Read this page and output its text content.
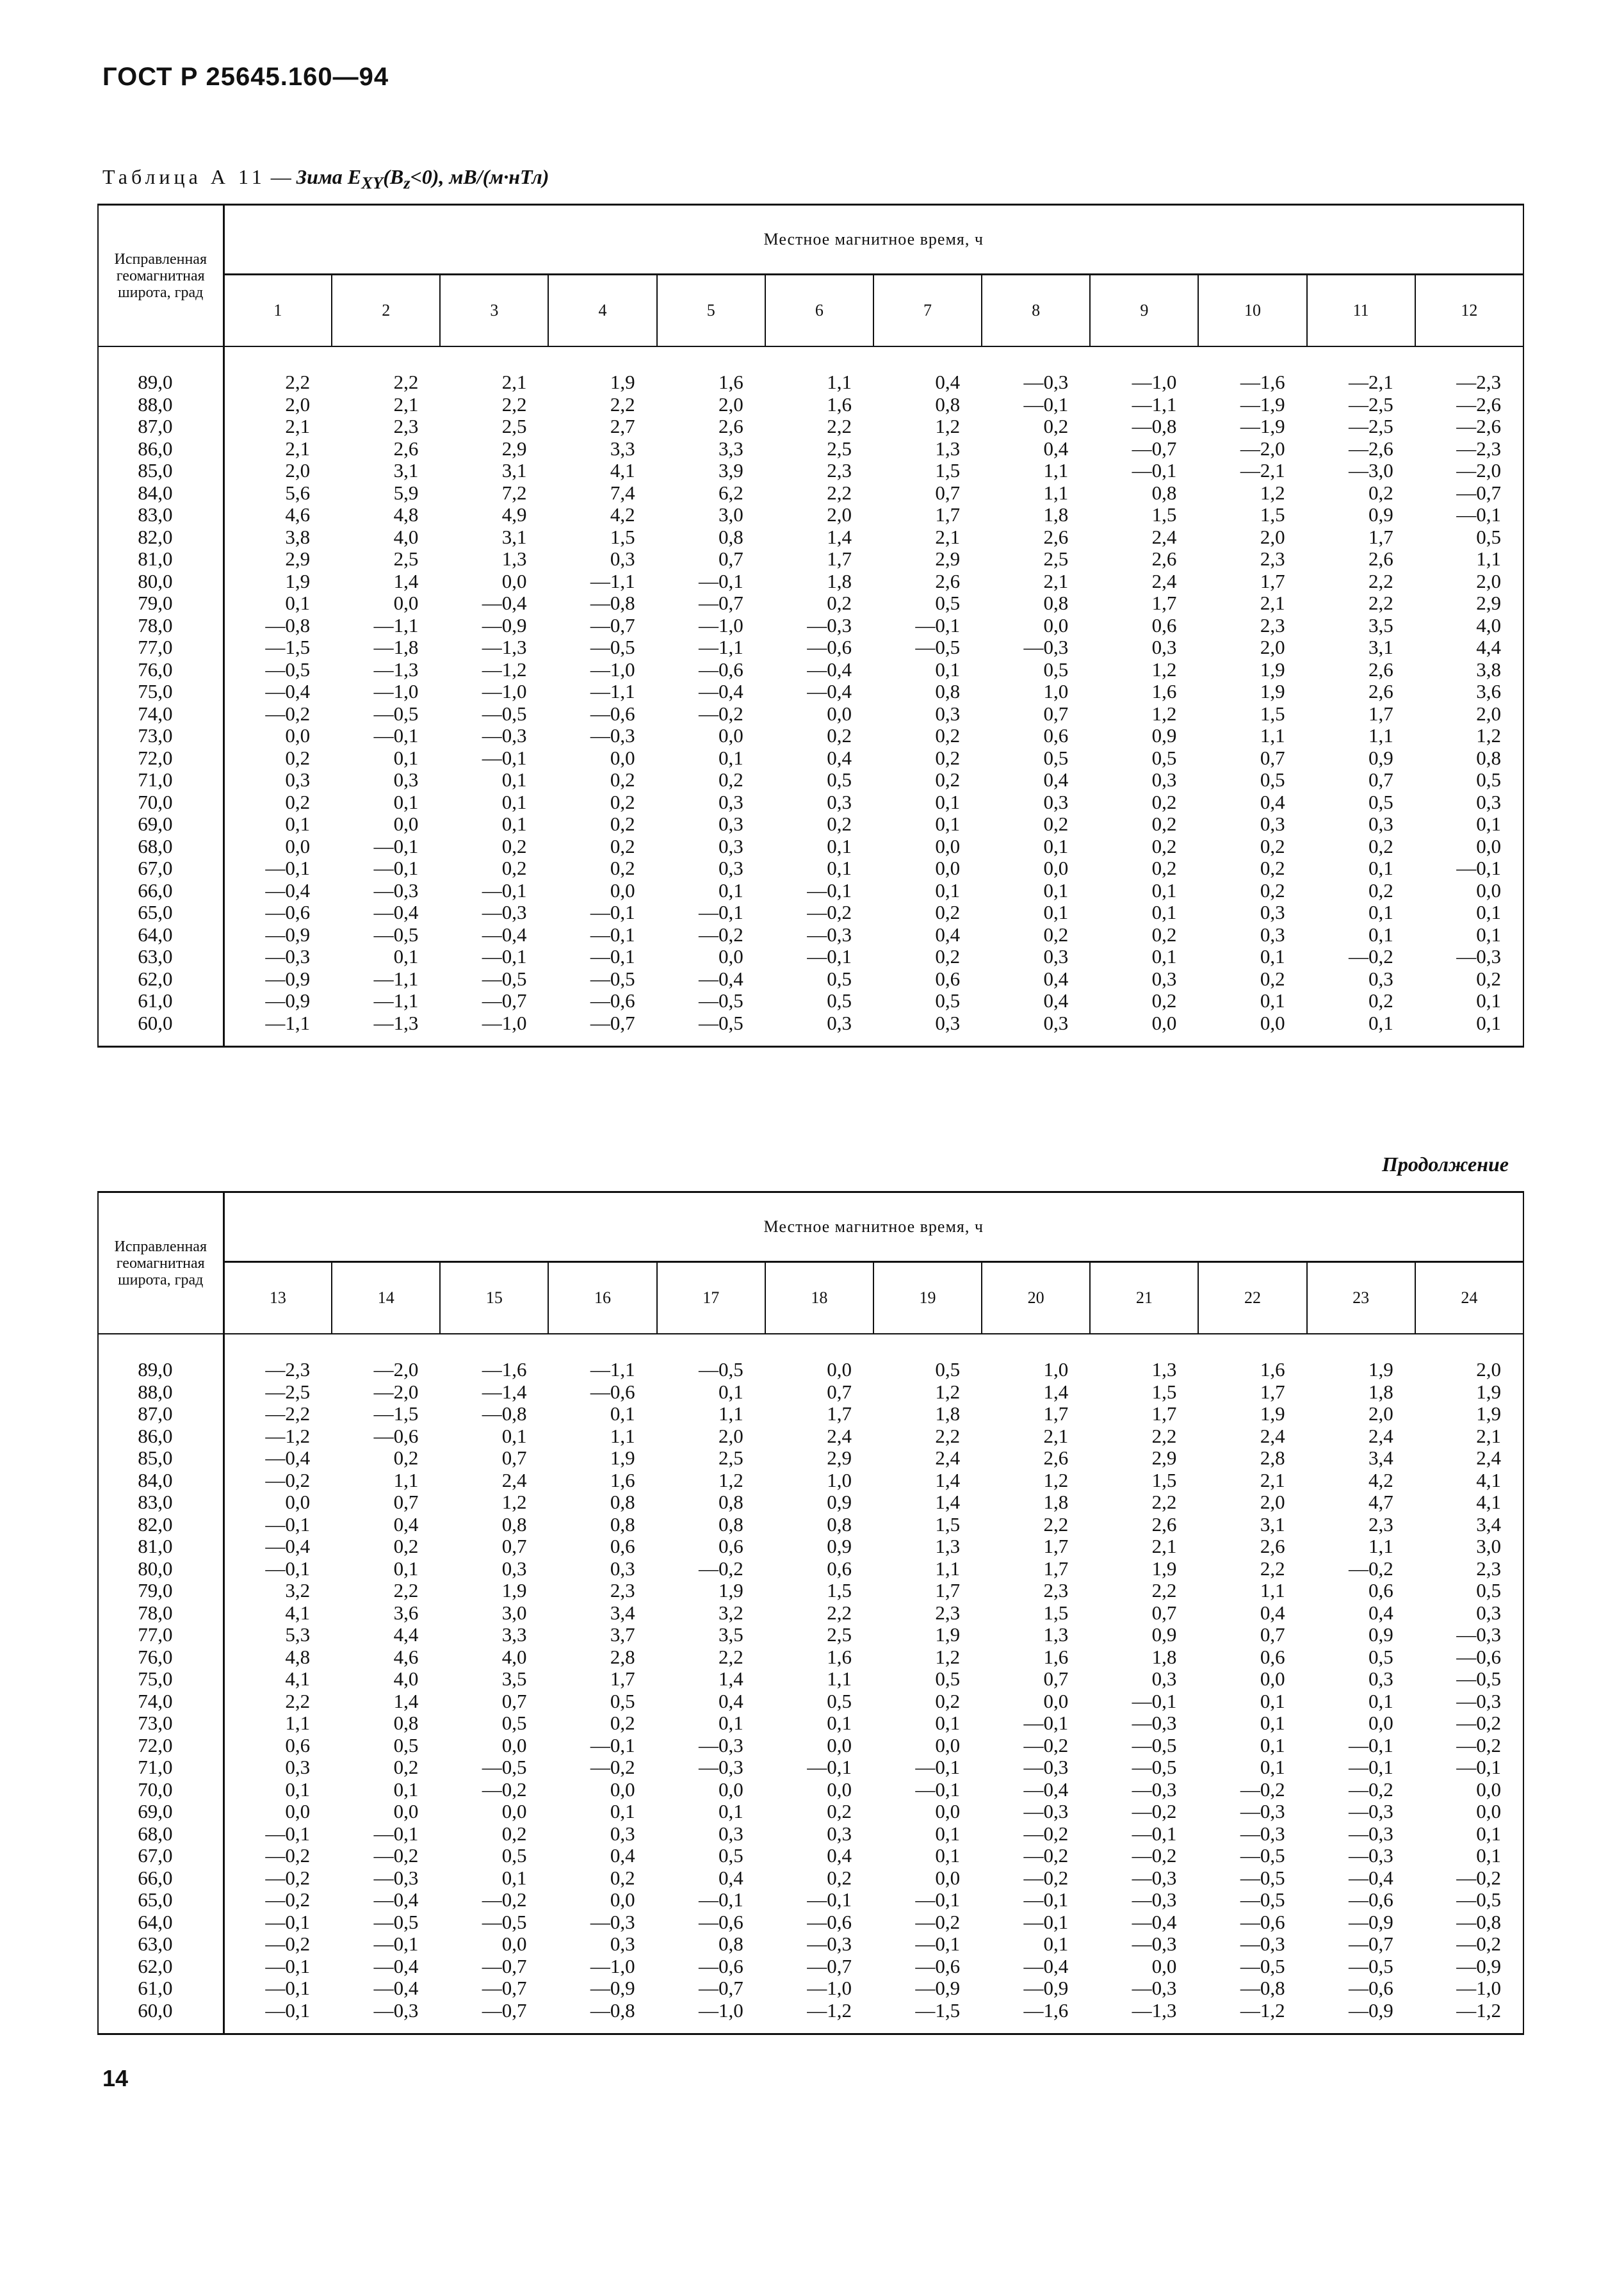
ГОСТ Р 25645.160—94
Таблица А 11 — Зима $E_{XY}(B_z<0)$, мВ/(м·нТл)
Исправленная геомагнитная широта, град	Местное магнитное время, ч											
	1	2	3	4	5	6	7	8	9	10	11	12

89,0	2,2	2,2	2,1	1,9	1,6	1,1	0,4	—0,3	—1,0	—1,6	—2,1	—2,3
88,0	2,0	2,1	2,2	2,2	2,0	1,6	0,8	—0,1	—1,1	—1,9	—2,5	—2,6
87,0	2,1	2,3	2,5	2,7	2,6	2,2	1,2	0,2	—0,8	—1,9	—2,5	—2,6
86,0	2,1	2,6	2,9	3,3	3,3	2,5	1,3	0,4	—0,7	—2,0	—2,6	—2,3
85,0	2,0	3,1	3,1	4,1	3,9	2,3	1,5	1,1	—0,1	—2,1	—3,0	—2,0
84,0	5,6	5,9	7,2	7,4	6,2	2,2	0,7	1,1	0,8	1,2	0,2	—0,7
83,0	4,6	4,8	4,9	4,2	3,0	2,0	1,7	1,8	1,5	1,5	0,9	—0,1
82,0	3,8	4,0	3,1	1,5	0,8	1,4	2,1	2,6	2,4	2,0	1,7	0,5
81,0	2,9	2,5	1,3	0,3	0,7	1,7	2,9	2,5	2,6	2,3	2,6	1,1
80,0	1,9	1,4	0,0	—1,1	—0,1	1,8	2,6	2,1	2,4	1,7	2,2	2,0
79,0	0,1	0,0	—0,4	—0,8	—0,7	0,2	0,5	0,8	1,7	2,1	2,2	2,9
78,0	—0,8	—1,1	—0,9	—0,7	—1,0	—0,3	—0,1	0,0	0,6	2,3	3,5	4,0
77,0	—1,5	—1,8	—1,3	—0,5	—1,1	—0,6	—0,5	—0,3	0,3	2,0	3,1	4,4
76,0	—0,5	—1,3	—1,2	—1,0	—0,6	—0,4	0,1	0,5	1,2	1,9	2,6	3,8
75,0	—0,4	—1,0	—1,0	—1,1	—0,4	—0,4	0,8	1,0	1,6	1,9	2,6	3,6
74,0	—0,2	—0,5	—0,5	—0,6	—0,2	0,0	0,3	0,7	1,2	1,5	1,7	2,0
73,0	0,0	—0,1	—0,3	—0,3	0,0	0,2	0,2	0,6	0,9	1,1	1,1	1,2
72,0	0,2	0,1	—0,1	0,0	0,1	0,4	0,2	0,5	0,5	0,7	0,9	0,8
71,0	0,3	0,3	0,1	0,2	0,2	0,5	0,2	0,4	0,3	0,5	0,7	0,5
70,0	0,2	0,1	0,1	0,2	0,3	0,3	0,1	0,3	0,2	0,4	0,5	0,3
69,0	0,1	0,0	0,1	0,2	0,3	0,2	0,1	0,2	0,2	0,3	0,3	0,1
68,0	0,0	—0,1	0,2	0,2	0,3	0,1	0,0	0,1	0,2	0,2	0,2	0,0
67,0	—0,1	—0,1	0,2	0,2	0,3	0,1	0,0	0,0	0,2	0,2	0,1	—0,1
66,0	—0,4	—0,3	—0,1	0,0	0,1	—0,1	0,1	0,1	0,1	0,2	0,2	0,0
65,0	—0,6	—0,4	—0,3	—0,1	—0,1	—0,2	0,2	0,1	0,1	0,3	0,1	0,1
64,0	—0,9	—0,5	—0,4	—0,1	—0,2	—0,3	0,4	0,2	0,2	0,3	0,1	0,1
63,0	—0,3	0,1	—0,1	—0,1	0,0	—0,1	0,2	0,3	0,1	0,1	—0,2	—0,3
62,0	—0,9	—1,1	—0,5	—0,5	—0,4	0,5	0,6	0,4	0,3	0,2	0,3	0,2
61,0	—0,9	—1,1	—0,7	—0,6	—0,5	0,5	0,5	0,4	0,2	0,1	0,2	0,1
60,0	—1,1	—1,3	—1,0	—0,7	—0,5	0,3	0,3	0,3	0,0	0,0	0,1	0,1

Продолжение
Исправленная геомагнитная широта, град	Местное магнитное время, ч											
	13	14	15	16	17	18	19	20	21	22	23	24

89,0	—2,3	—2,0	—1,6	—1,1	—0,5	0,0	0,5	1,0	1,3	1,6	1,9	2,0
88,0	—2,5	—2,0	—1,4	—0,6	0,1	0,7	1,2	1,4	1,5	1,7	1,8	1,9
87,0	—2,2	—1,5	—0,8	0,1	1,1	1,7	1,8	1,7	1,7	1,9	2,0	1,9
86,0	—1,2	—0,6	0,1	1,1	2,0	2,4	2,2	2,1	2,2	2,4	2,4	2,1
85,0	—0,4	0,2	0,7	1,9	2,5	2,9	2,4	2,6	2,9	2,8	3,4	2,4
84,0	—0,2	1,1	2,4	1,6	1,2	1,0	1,4	1,2	1,5	2,1	4,2	4,1
83,0	0,0	0,7	1,2	0,8	0,8	0,9	1,4	1,8	2,2	2,0	4,7	4,1
82,0	—0,1	0,4	0,8	0,8	0,8	0,8	1,5	2,2	2,6	3,1	2,3	3,4
81,0	—0,4	0,2	0,7	0,6	0,6	0,9	1,3	1,7	2,1	2,6	1,1	3,0
80,0	—0,1	0,1	0,3	0,3	—0,2	0,6	1,1	1,7	1,9	2,2	—0,2	2,3
79,0	3,2	2,2	1,9	2,3	1,9	1,5	1,7	2,3	2,2	1,1	0,6	0,5
78,0	4,1	3,6	3,0	3,4	3,2	2,2	2,3	1,5	0,7	0,4	0,4	0,3
77,0	5,3	4,4	3,3	3,7	3,5	2,5	1,9	1,3	0,9	0,7	0,9	—0,3
76,0	4,8	4,6	4,0	2,8	2,2	1,6	1,2	1,6	1,8	0,6	0,5	—0,6
75,0	4,1	4,0	3,5	1,7	1,4	1,1	0,5	0,7	0,3	0,0	0,3	—0,5
74,0	2,2	1,4	0,7	0,5	0,4	0,5	0,2	0,0	—0,1	0,1	0,1	—0,3
73,0	1,1	0,8	0,5	0,2	0,1	0,1	0,1	—0,1	—0,3	0,1	0,0	—0,2
72,0	0,6	0,5	0,0	—0,1	—0,3	0,0	0,0	—0,2	—0,5	0,1	—0,1	—0,2
71,0	0,3	0,2	—0,5	—0,2	—0,3	—0,1	—0,1	—0,3	—0,5	0,1	—0,1	—0,1
70,0	0,1	0,1	—0,2	0,0	0,0	0,0	—0,1	—0,4	—0,3	—0,2	—0,2	0,0
69,0	0,0	0,0	0,0	0,1	0,1	0,2	0,0	—0,3	—0,2	—0,3	—0,3	0,0
68,0	—0,1	—0,1	0,2	0,3	0,3	0,3	0,1	—0,2	—0,1	—0,3	—0,3	0,1
67,0	—0,2	—0,2	0,5	0,4	0,5	0,4	0,1	—0,2	—0,2	—0,5	—0,3	0,1
66,0	—0,2	—0,3	0,1	0,2	0,4	0,2	0,0	—0,2	—0,3	—0,5	—0,4	—0,2
65,0	—0,2	—0,4	—0,2	0,0	—0,1	—0,1	—0,1	—0,1	—0,3	—0,5	—0,6	—0,5
64,0	—0,1	—0,5	—0,5	—0,3	—0,6	—0,6	—0,2	—0,1	—0,4	—0,6	—0,9	—0,8
63,0	—0,2	—0,1	0,0	0,3	0,8	—0,3	—0,1	0,1	—0,3	—0,3	—0,7	—0,2
62,0	—0,1	—0,4	—0,7	—1,0	—0,6	—0,7	—0,6	—0,4	0,0	—0,5	—0,5	—0,9
61,0	—0,1	—0,4	—0,7	—0,9	—0,7	—1,0	—0,9	—0,9	—0,3	—0,8	—0,6	—1,0
60,0	—0,1	—0,3	—0,7	—0,8	—1,0	—1,2	—1,5	—1,6	—1,3	—1,2	—0,9	—1,2

14
